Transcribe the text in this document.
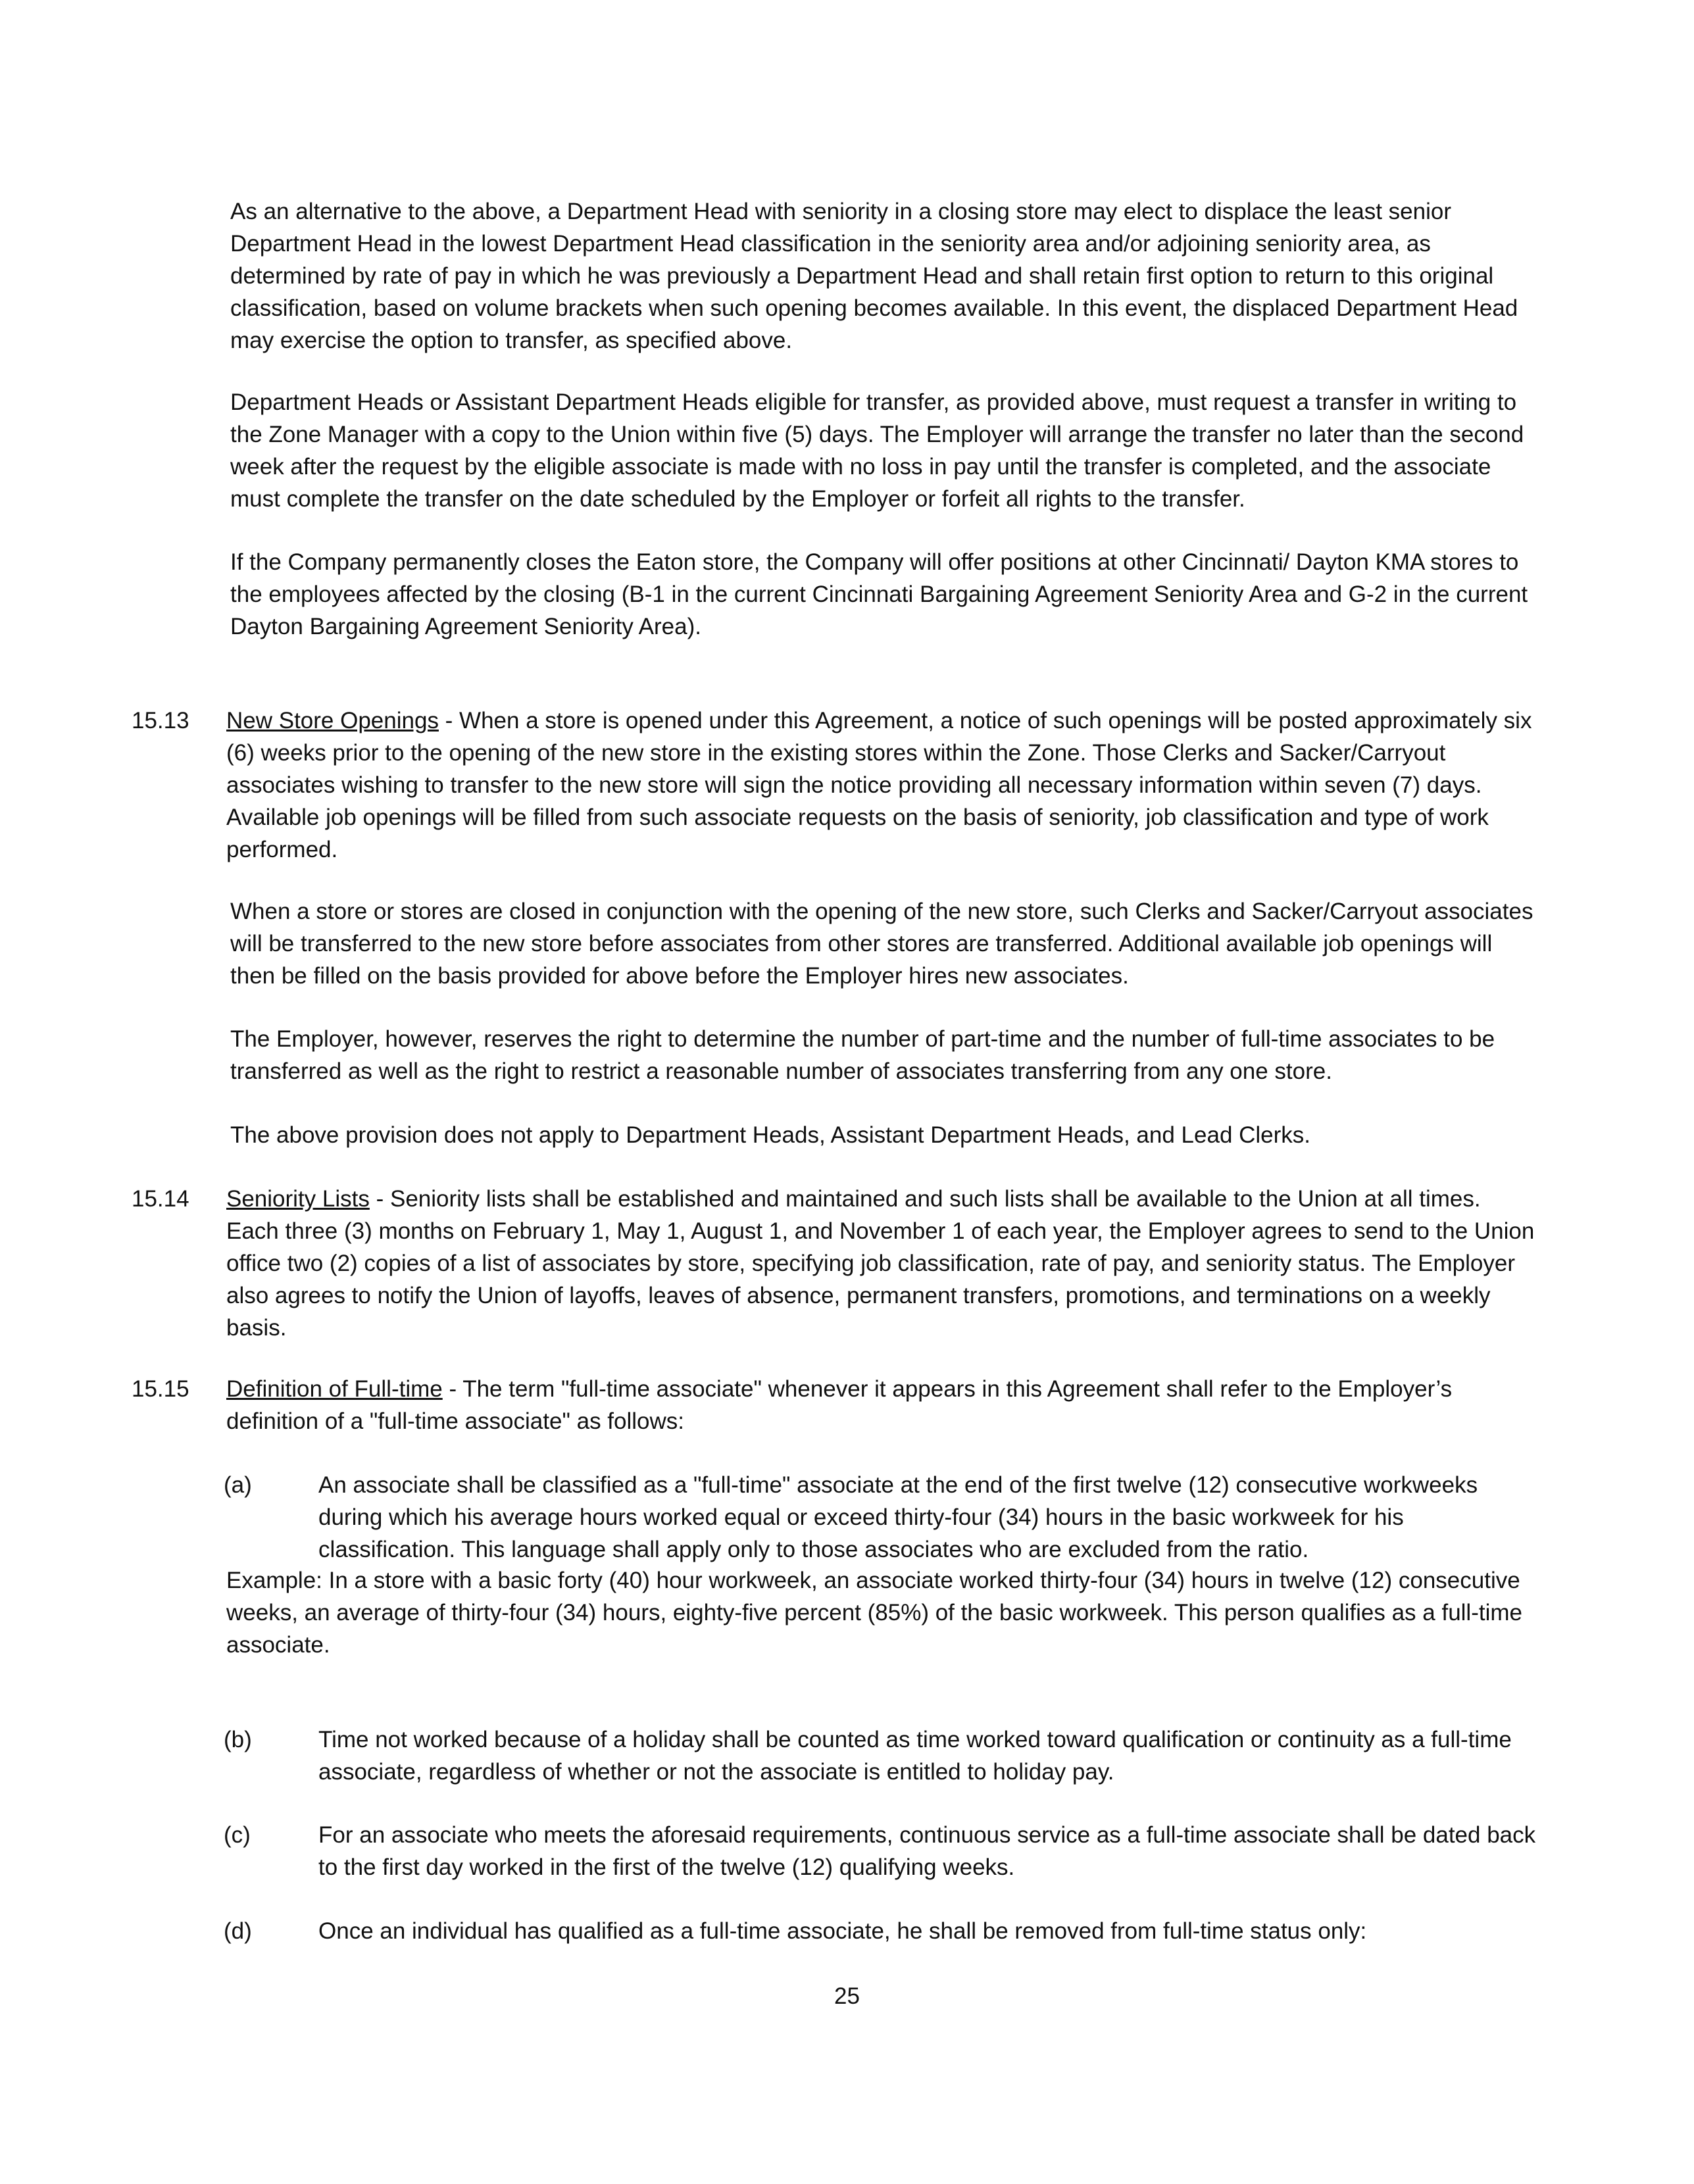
As an alternative to the above, a Department Head with seniority in a closing store may elect to displace the least senior Department Head in the lowest Department Head classification in the seniority area and/or adjoining seniority area, as determined by rate of pay in which he was previously a Department Head and shall retain first option to return to this original classification, based on volume brackets when such opening becomes available. In this event, the displaced Department Head may exercise the option to transfer, as specified above.

Department Heads or Assistant Department Heads eligible for transfer, as provided above, must request a transfer in writing to the Zone Manager with a copy to the Union within five (5) days. The Employer will arrange the transfer no later than the second week after the request by the eligible associate is made with no loss in pay until the transfer is completed, and the associate must complete the transfer on the date scheduled by the Employer or forfeit all rights to the transfer.

If the Company permanently closes the Eaton store, the Company will offer positions at other Cincinnati/ Dayton KMA stores to the employees affected by the closing (B-1 in the current Cincinnati Bargaining Agreement Seniority Area and G-2 in the current Dayton Bargaining Agreement Seniority Area).

15.13 New Store Openings - When a store is opened under this Agreement, a notice of such openings will be posted approximately six (6) weeks prior to the opening of the new store in the existing stores within the Zone. Those Clerks and Sacker/Carryout associates wishing to transfer to the new store will sign the notice providing all necessary information within seven (7) days. Available job openings will be filled from such associate requests on the basis of seniority, job classification and type of work performed.

When a store or stores are closed in conjunction with the opening of the new store, such Clerks and Sacker/Carryout associates will be transferred to the new store before associates from other stores are transferred. Additional available job openings will then be filled on the basis provided for above before the Employer hires new associates.

The Employer, however, reserves the right to determine the number of part-time and the number of full-time associates to be transferred as well as the right to restrict a reasonable number of associates transferring from any one store.

The above provision does not apply to Department Heads, Assistant Department Heads, and Lead Clerks.

15.14 Seniority Lists - Seniority lists shall be established and maintained and such lists shall be available to the Union at all times. Each three (3) months on February 1, May 1, August 1, and November 1 of each year, the Employer agrees to send to the Union office two (2) copies of a list of associates by store, specifying job classification, rate of pay, and seniority status. The Employer also agrees to notify the Union of layoffs, leaves of absence, permanent transfers, promotions, and terminations on a weekly basis.

15.15 Definition of Full-time - The term "full-time associate" whenever it appears in this Agreement shall refer to the Employer’s definition of a "full-time associate" as follows:

(a)	An associate shall be classified as a "full-time" associate at the end of the first twelve (12) consecutive workweeks during which his average hours worked equal or exceed thirty-four (34) hours in the basic workweek for his classification. This language shall apply only to those associates who are excluded from the ratio.

Example: In a store with a basic forty (40) hour workweek, an associate worked thirty-four (34) hours in twelve (12) consecutive weeks, an average of thirty-four (34) hours, eighty-five percent (85%) of the basic workweek. This person qualifies as a full-time associate.

(b)	Time not worked because of a holiday shall be counted as time worked toward qualification or continuity as a full-time associate, regardless of whether or not the associate is entitled to holiday pay.

(c)	For an associate who meets the aforesaid requirements, continuous service as a full-time associate shall be dated back to the first day worked in the first of the twelve (12) qualifying weeks.

(d)	Once an individual has qualified as a full-time associate, he shall be removed from full-time status only:

25
